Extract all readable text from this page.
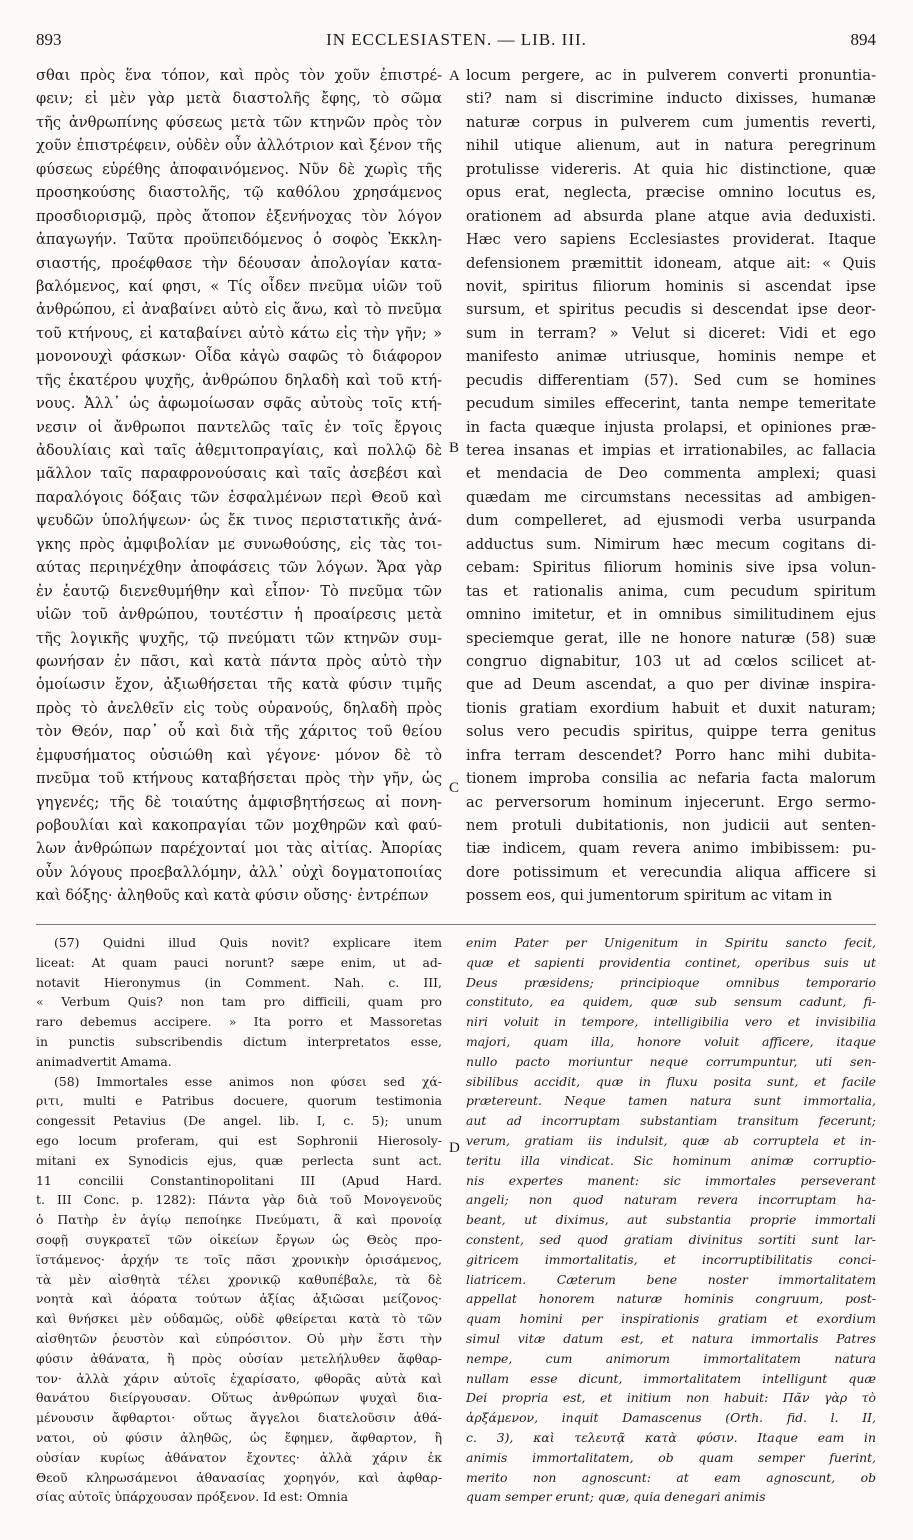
893	IN ECCLESIASTEN. — LIB. III.	894
A
B
C
D
σθαι πρὸς ἕνα τόπον, καὶ πρὸς τὸν χοῦν ἐπιστρέ-
φειν; εἰ μὲν γὰρ μετὰ διαστολῆς ἔφης, τὸ σῶμα
τῆς ἀνθρωπίνης φύσεως μετὰ τῶν κτηνῶν πρὸς τὸν
χοῦν ἐπιστρέφειν, οὐδὲν οὖν ἀλλότριον καὶ ξένον τῆς
φύσεως εὑρέθης ἀποφαινόμενος. Νῦν δὲ χωρὶς τῆς
προσηκούσης διαστολῆς, τῷ καθόλου χρησάμενος
προσδιορισμῷ, πρὸς ἄτοπον ἐξενήνοχας τὸν λόγον
ἀπαγωγήν. Ταῦτα προϋπειδόμενος ὁ σοφὸς Ἐκκλη-
σιαστής, προέφθασε τὴν δέουσαν ἀπολογίαν κατα-
βαλόμενος, καί φησι, « Τίς οἶδεν πνεῦμα υἱῶν τοῦ
ἀνθρώπου, εἰ ἀναβαίνει αὐτὸ εἰς ἄνω, καὶ τὸ πνεῦμα
τοῦ κτήνους, εἰ καταβαίνει αὐτὸ κάτω εἰς τὴν γῆν; »
μονονουχὶ φάσκων· Οἶδα κἀγὼ σαφῶς τὸ διάφορον
τῆς ἑκατέρου ψυχῆς, ἀνθρώπου δηλαδὴ καὶ τοῦ κτή-
νους. Ἀλλ᾽ ὡς ἀφωμοίωσαν σφᾶς αὐτοὺς τοῖς κτή-
νεσιν οἱ ἄνθρωποι παντελῶς ταῖς ἐν τοῖς ἔργοις
ἀδουλίαις καὶ ταῖς ἀθεμιτοπραγίαις, καὶ πολλῷ δὲ
μᾶλλον ταῖς παραφρονούσαις καὶ ταῖς ἀσεβέσι καὶ
παραλόγοις δόξαις τῶν ἐσφαλμένων περὶ Θεοῦ καὶ
ψευδῶν ὑπολήψεων· ὡς ἔκ τινος περιστατικῆς ἀνά-
γκης πρὸς ἀμφιβολίαν με συνωθούσης, εἰς τὰς τοι-
αύτας περιηνέχθην ἀποφάσεις τῶν λόγων. Ἄρα γὰρ
ἐν ἑαυτῷ διενεθυμήθην καὶ εἶπον· Τὸ πνεῦμα τῶν
υἱῶν τοῦ ἀνθρώπου, τουτέστιν ἡ προαίρεσις μετὰ
τῆς λογικῆς ψυχῆς, τῷ πνεύματι τῶν κτηνῶν συμ-
φωνήσαν ἐν πᾶσι, καὶ κατὰ πάντα πρὸς αὐτὸ τὴν
ὁμοίωσιν ἔχον, ἀξιωθήσεται τῆς κατὰ φύσιν τιμῆς
πρὸς τὸ ἀνελθεῖν εἰς τοὺς οὐρανούς, δηλαδὴ πρὸς
τὸν Θεόν, παρ᾽ οὗ καὶ διὰ τῆς χάριτος τοῦ θείου
ἐμφυσήματος οὐσιώθη καὶ γέγονε· μόνον δὲ τὸ
πνεῦμα τοῦ κτήνους καταβήσεται πρὸς τὴν γῆν, ὡς
γηγενές; τῆς δὲ τοιαύτης ἀμφισβητήσεως αἱ πονη-
ροβουλίαι καὶ κακοπραγίαι τῶν μοχθηρῶν καὶ φαύ-
λων ἀνθρώπων παρέχονταί μοι τὰς αἰτίας. Ἀπορίας
οὖν λόγους προεβαλλόμην, ἀλλ᾽ οὐχὶ δογματοποιίας
καὶ δόξης· ἀληθοῦς καὶ κατὰ φύσιν οὔσης· ἐντρέπων
locum pergere, ac in pulverem converti pronuntia-
sti? nam si discrimine inducto dixisses, humanæ
naturæ corpus in pulverem cum jumentis reverti,
nihil utique alienum, aut in natura peregrinum
protulisse videreris. At quia hic distinctione, quæ
opus erat, neglecta, præcise omnino locutus es,
orationem ad absurda plane atque avia deduxisti.
Hæc vero sapiens Ecclesiastes providerat. Itaque
defensionem præmittit idoneam, atque ait: « Quis
novit, spiritus filiorum hominis si ascendat ipse
sursum, et spiritus pecudis si descendat ipse deor-
sum in terram? » Velut si diceret: Vidi et ego
manifesto animæ utriusque, hominis nempe et
pecudis differentiam (57). Sed cum se homines
pecudum similes effecerint, tanta nempe temeritate
in facta quæque injusta prolapsi, et opiniones præ-
terea insanas et impias et irrationabiles, ac fallacia
et mendacia de Deo commenta amplexi; quasi
quædam me circumstans necessitas ad ambigen-
dum compelleret, ad ejusmodi verba usurpanda
adductus sum. Nimirum hæc mecum cogitans di-
cebam: Spiritus filiorum hominis sive ipsa volun-
tas et rationalis anima, cum pecudum spiritum
omnino imitetur, et in omnibus similitudinem ejus
speciemque gerat, ille ne honore naturæ (58) suæ
congruo dignabitur, 103 ut ad cœlos scilicet at-
que ad Deum ascendat, a quo per divinæ inspira-
tionis gratiam exordium habuit et duxit naturam;
solus vero pecudis spiritus, quippe terra genitus
infra terram descendet? Porro hanc mihi dubita-
tionem improba consilia ac nefaria facta malorum
ac perversorum hominum injecerunt. Ergo sermo-
nem protuli dubitationis, non judicii aut senten-
tiæ indicem, quam revera animo imbibissem: pu-
dore potissimum et verecundia aliqua afficere si
possem eos, qui jumentorum spiritum ac vitam in
(57) Quidni illud Quis novit? explicare item
liceat: At quam pauci norunt? sæpe enim, ut ad-
notavit Hieronymus (in Comment. Nah. c. III,
« Verbum Quis? non tam pro difficili, quam pro
raro debemus accipere. » Ita porro et Massoretas
in punctis subscribendis dictum interpretatos esse,
animadvertit Amama.
(58) Immortales esse animos non φύσει sed χά-
ριτι, multi e Patribus docuere, quorum testimonia
congessit Petavius (De angel. lib. I, c. 5); unum
ego locum proferam, qui est Sophronii Hierosoly-
mitani ex Synodicis ejus, quæ perlecta sunt act.
11 concilii Constantinopolitani III (Apud Hard.
t. III Conc. p. 1282): Πάντα γὰρ διὰ τοῦ Μονογενοῦς
ὁ Πατὴρ ἐν ἁγίῳ πεποίηκε Πνεύματι, ἃ καὶ προνοίᾳ
σοφῇ συγκρατεῖ τῶν οἰκείων ἔργων ὡς Θεὸς προ-
ϊστάμενος· ἀρχήν τε τοῖς πᾶσι χρονικὴν ὁρισάμενος,
τὰ μὲν αἰσθητὰ τέλει χρονικῷ καθυπέβαλε, τὰ δὲ
νοητὰ καὶ ἀόρατα τούτων ἀξίας ἀξιῶσαι μείζονος·
καὶ θνήσκει μὲν οὐδαμῶς, οὐδὲ φθείρεται κατὰ τὸ τῶν
αἰσθητῶν ῥευστὸν καὶ εὐπρόσιτον. Οὐ μὴν ἔστι τὴν
φύσιν ἀθάνατα, ἢ πρὸς οὐσίαν μετελήλυθεν ἄφθαρ-
τον· ἀλλὰ χάριν αὐτοῖς ἐχαρίσατο, φθορᾶς αὐτὰ καὶ
θανάτου διείργουσαν. Οὕτως ἀνθρώπων ψυχαὶ δια-
μένουσιν ἄφθαρτοι· οὕτως ἄγγελοι διατελοῦσιν ἀθά-
νατοι, οὐ φύσιν ἀληθῶς, ὡς ἔφημεν, ἄφθαρτον, ἢ
οὐσίαν κυρίως ἀθάνατον ἔχοντες· ἀλλὰ χάριν ἐκ
Θεοῦ κληρωσάμενοι ἀθανασίας χορηγόν, καὶ ἀφθαρ-
σίας αὐτοῖς ὑπάρχουσαν πρόξενον. Id est: Omnia
enim Pater per Unigenitum in Spiritu sancto fecit,
quæ et sapienti providentia continet, operibus suis ut
Deus præsidens; principioque omnibus temporario
constituto, ea quidem, quæ sub sensum cadunt, fi-
niri voluit in tempore, intelligibilia vero et invisibilia
majori, quam illa, honore voluit afficere, itaque
nullo pacto moriuntur neque corrumpuntur, uti sen-
sibilibus accidit, quæ in fluxu posita sunt, et facile
prætereunt. Neque tamen natura sunt immortalia,
aut ad incorruptam substantiam transitum fecerunt;
verum, gratiam iis indulsit, quæ ab corruptela et in-
teritu illa vindicat. Sic hominum animæ corruptio-
nis expertes manent: sic immortales perseverant
angeli; non quod naturam revera incorruptam ha-
beant, ut diximus, aut substantia proprie immortali
constent, sed quod gratiam divinitus sortiti sunt lar-
gitricem immortalitatis, et incorruptibilitatis conci-
liatricem. Cæterum bene noster immortalitatem
appellat honorem naturæ hominis congruum, post-
quam homini per inspirationis gratiam et exordium
simul vitæ datum est, et natura immortalis Patres
nempe, cum animorum immortalitatem natura
nullam esse dicunt, immortalitatem intelligunt quæ
Dei propria est, et initium non habuit: Πᾶν γὰρ τὸ
ἀρξάμενον, inquit Damascenus (Orth. fid. l. II,
c. 3), καὶ τελευτᾷ κατὰ φύσιν. Itaque eam in
animis immortalitatem, ob quam semper fuerint,
merito non agnoscunt: at eam agnoscunt, ob
quam semper erunt; quæ, quia denegari animis
